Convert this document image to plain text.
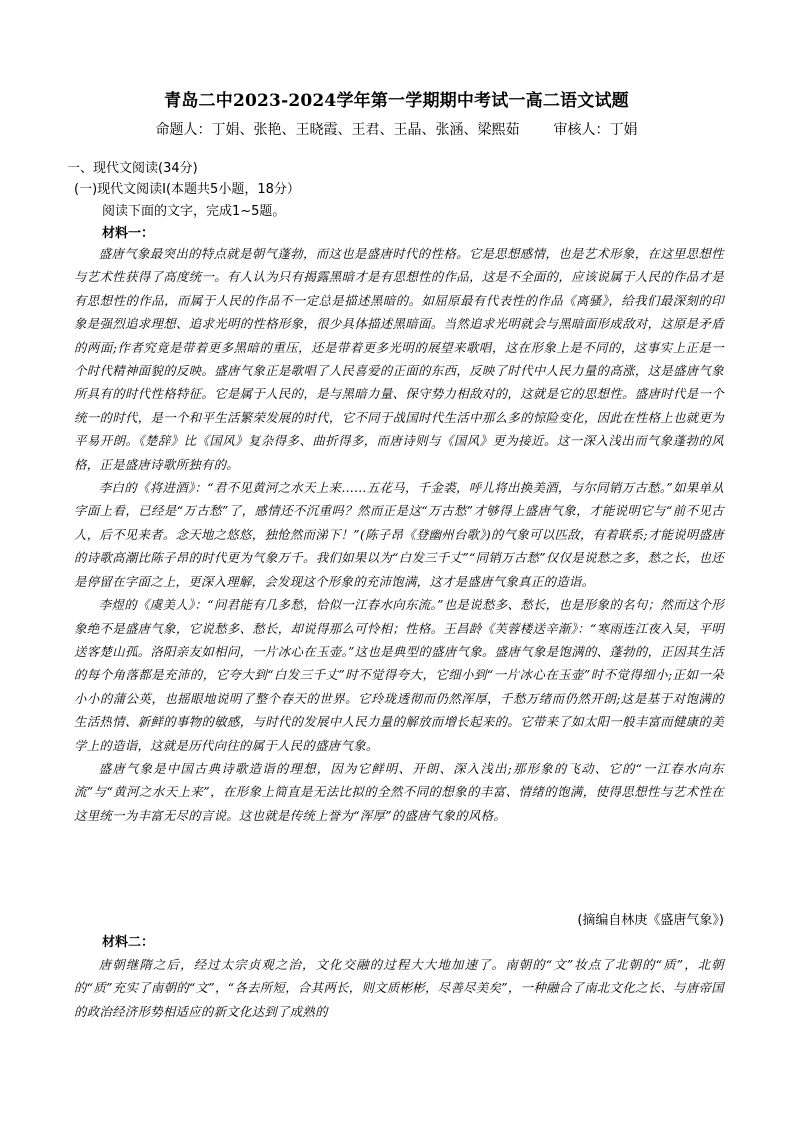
青岛二中2023-2024学年第一学期期中考试一高二语文试题
命题人：丁娟、张艳、王晓霞、王君、王晶、张涵、梁熙茹 审核人：丁娟
一、现代文阅读(34分)
(一)现代文阅读Ⅰ(本题共5小题，18分）
阅读下面的文字，完成1~5题。
材料一：

盛唐气象最突出的特点就是朝气蓬勃，而这也是盛唐时代的性格。它是思想感情，也是艺术形象，在这里思想性与艺术性获得了高度统一。有人认为只有揭露黑暗才是有思想性的作品，这是不全面的，应该说属于人民的作品才是有思想性的作品，而属于人民的作品不一定总是描述黑暗的。如屈原最有代表性的作品《离骚》，给我们最深刻的印象是强烈追求理想、追求光明的性格形象，很少具体描述黑暗面。当然追求光明就会与黑暗面形成敌对，这原是矛盾的两面;作者究竟是带着更多黑暗的重压，还是带着更多光明的展望来歌唱，这在形象上是不同的，这事实上正是一个时代精神面貌的反映。盛唐气象正是歌唱了人民喜爱的正面的东西，反映了时代中人民力量的高涨，这是盛唐气象所具有的时代性格特征。它是属于人民的，是与黑暗力量、保守势力相敌对的，这就是它的思想性。盛唐时代是一个统一的时代，是一个和平生活繁荣发展的时代，它不同于战国时代生活中那么多的惊险变化，因此在性格上也就更为平易开朗。《楚辞》比《国风》复杂得多、曲折得多，而唐诗则与《国风》更为接近。这一深入浅出而气象蓬勃的风格，正是盛唐诗歌所独有的。

李白的《将进酒》：“君不见黄河之水天上来……五花马，千金裘，呼儿将出换美酒，与尔同销万古愁。”如果单从字面上看，已经是“万古愁”了，感情还不沉重吗？然而正是这“万古愁”才够得上盛唐气象，才能说明它与“前不见古人，后不见来者。念天地之悠悠，独怆然而涕下！”(陈子昂《登幽州台歌》)的气象可以匹敌，有着联系;才能说明盛唐的诗歌高潮比陈子昂的时代更为气象万千。我们如果以为“白发三千丈”“同销万古愁”仅仅是说愁之多，愁之长，也还是停留在字面之上，更深入理解，会发现这个形象的充沛饱满，这才是盛唐气象真正的造诣。

李煜的《虞美人》：“问君能有几多愁，恰似一江春水向东流。”也是说愁多、愁长，也是形象的名句；然而这个形象绝不是盛唐气象，它说愁多、愁长，却说得那么可怜相；性格。王昌龄《芙蓉楼送辛渐》：“寒雨连江夜入吴，平明送客楚山孤。洛阳亲友如相问，一片冰心在玉壶。”这也是典型的盛唐气象。盛唐气象是饱满的、蓬勃的，正因其生活的每个角落都是充沛的，它夸大到“白发三千丈”时不觉得夸大，它细小到“一片冰心在玉壶”时不觉得细小;正如一朵小小的蒲公英，也摇眼地说明了整个春天的世界。它玲珑透彻而仍然浑厚，千愁万绪而仍然开朗;这是基于对饱满的生活热情、新鲜的事物的敏感，与时代的发展中人民力量的解放而增长起来的。它带来了如太阳一般丰富而健康的美学上的造诣，这就是历代向往的属于人民的盛唐气象。

盛唐气象是中国古典诗歌造诣的理想，因为它鲜明、开朗、深入浅出;那形象的飞动、它的“一江春水向东流”与“黄河之水天上来”，在形象上简直是无法比拟的全然不同的想象的丰富、情绪的饱满，使得思想性与艺术性在这里统一为丰富无尽的言说。这也就是传统上誉为“浑厚”的盛唐气象的风格。

(摘编自林庚《盛唐气象》)
材料二：

唐朝继隋之后，经过太宗贞观之治，文化交融的过程大大地加速了。南朝的“文”妆点了北朝的“质”，北朝的“质”充实了南朝的“文”，“各去所短，合其两长，则文质彬彬，尽善尽美矣”，一种融合了南北文化之长、与唐帝国的政治经济形势相适应的新文化达到了成熟的
